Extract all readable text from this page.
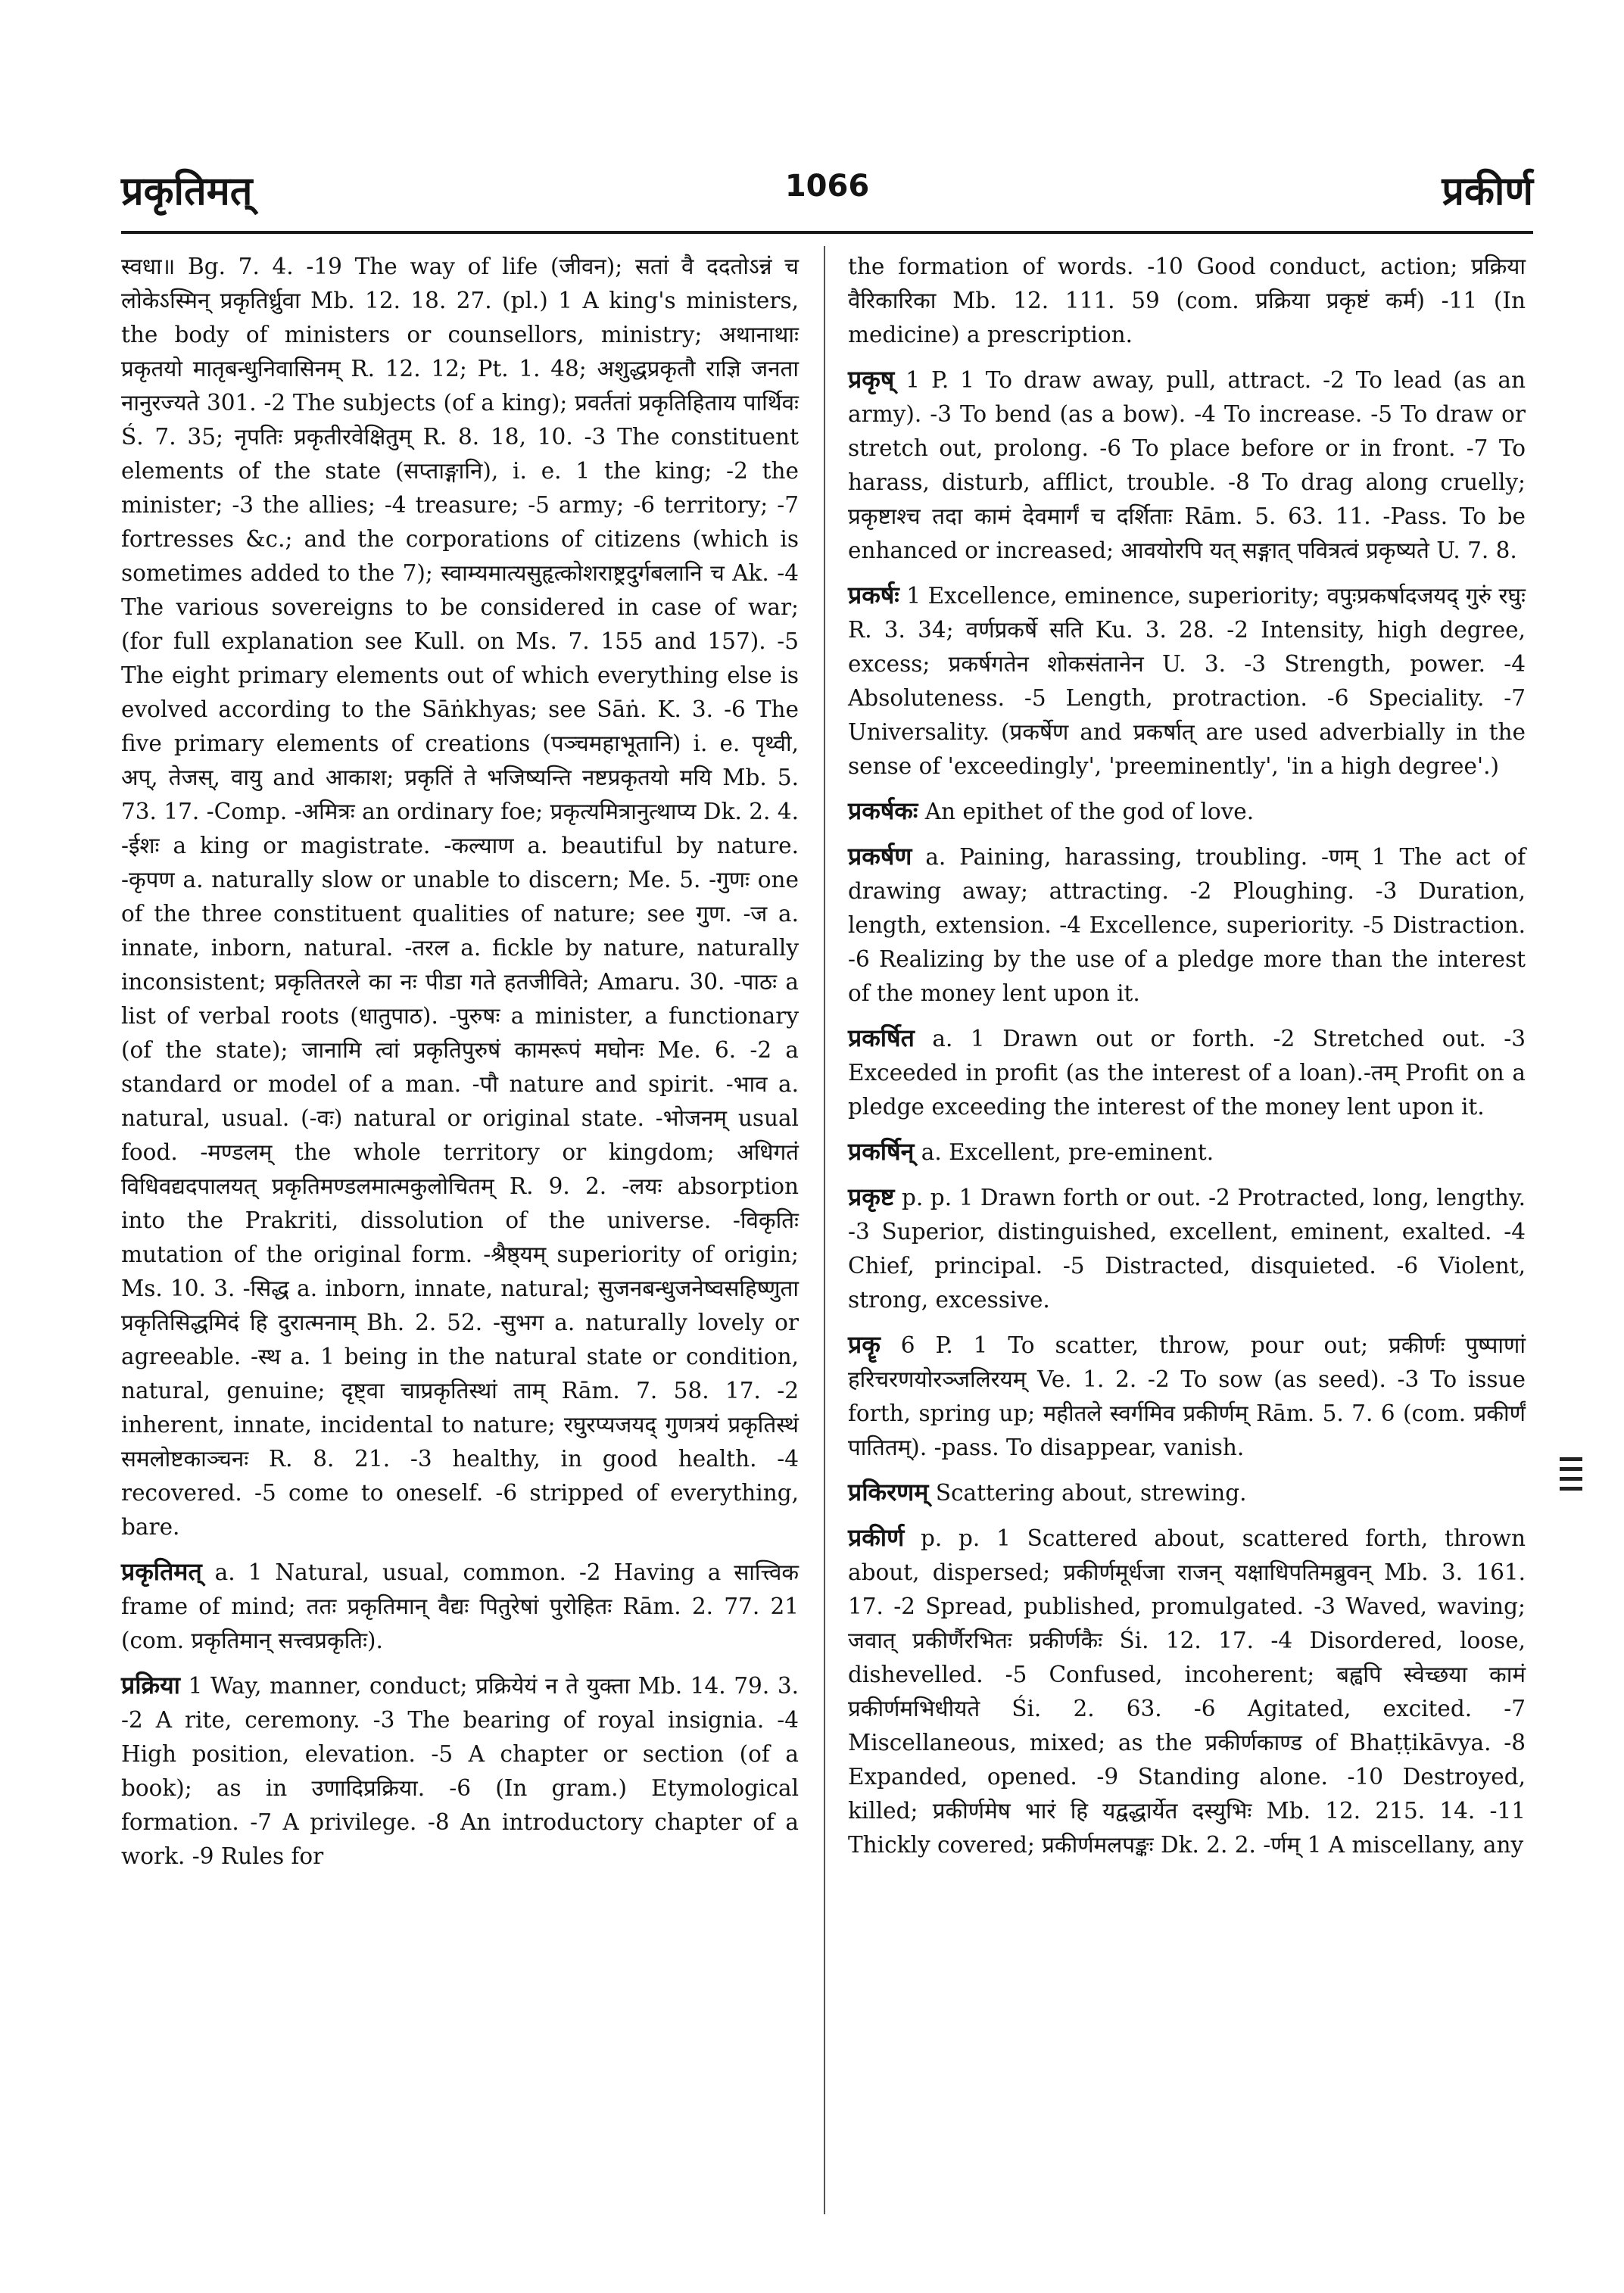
प्रकृतिमत्	1066	प्रकीर्ण
स्वधा॥ Bg. 7. 4. -19 The way of life (जीवन); सतां वै ददतोऽन्नं च लोकेऽस्मिन् प्रकृतिर्ध्रुवा Mb. 12. 18. 27. (pl.) 1 A king's ministers, the body of ministers or counsellors, ministry; अथानाथाः प्रकृतयो मातृबन्धुनिवासिनम् R. 12. 12; Pt. 1. 48; अशुद्धप्रकृतौ राज्ञि जनता नानुरज्यते 301. -2 The subjects (of a king); प्रवर्ततां प्रकृतिहिताय पार्थिवः Ś. 7. 35; नृपतिः प्रकृतीरवेक्षितुम् R. 8. 18, 10. -3 The constituent elements of the state (सप्ताङ्गानि), i. e. 1 the king; -2 the minister; -3 the allies; -4 treasure; -5 army; -6 territory; -7 fortresses &c.; and the corporations of citizens (which is sometimes added to the 7); स्वाम्यमात्यसुहृत्कोशराष्ट्रदुर्गबलानि च Ak. -4 The various sovereigns to be considered in case of war; (for full explanation see Kull. on Ms. 7. 155 and 157). -5 The eight primary elements out of which everything else is evolved according to the Sāṅkhyas; see Sāṅ. K. 3. -6 The five primary elements of creations (पञ्चमहाभूतानि) i. e. पृथ्वी, अप्, तेजस्, वायु and आकाश; प्रकृतिं ते भजिष्यन्ति नष्टप्रकृतयो मयि Mb. 5. 73. 17. -Comp. -अमित्रः an ordinary foe; प्रकृत्यमित्रानुत्थाप्य Dk. 2. 4. -ईशः a king or magistrate. -कल्याण a. beautiful by nature. -कृपण a. naturally slow or unable to discern; Me. 5. -गुणः one of the three constituent qualities of nature; see गुण. -ज a. innate, inborn, natural. -तरल a. fickle by nature, naturally inconsistent; प्रकृतितरले का नः पीडा गते हतजीविते; Amaru. 30. -पाठः a list of verbal roots (धातुपाठ). -पुरुषः a minister, a functionary (of the state); जानामि त्वां प्रकृतिपुरुषं कामरूपं मघोनः Me. 6. -2 a standard or model of a man. -पौ nature and spirit. -भाव a. natural, usual. (-वः) natural or original state. -भोजनम् usual food. -मण्डलम् the whole territory or kingdom; अधिगतं विधिवद्यदपालयत् प्रकृतिमण्डलमात्मकुलोचितम् R. 9. 2. -लयः absorption into the Prakriti, dissolution of the universe. -विकृतिः mutation of the original form. -श्रैष्ठ्यम् superiority of origin; Ms. 10. 3. -सिद्ध a. inborn, innate, natural; सुजनबन्धुजनेष्वसहिष्णुता प्रकृतिसिद्धमिदं हि दुरात्मनाम् Bh. 2. 52. -सुभग a. naturally lovely or agreeable. -स्थ a. 1 being in the natural state or condition, natural, genuine; दृष्ट्वा चाप्रकृतिस्थां ताम् Rām. 7. 58. 17. -2 inherent, innate, incidental to nature; रघुरप्यजयद् गुणत्रयं प्रकृतिस्थं समलोष्टकाञ्चनः R. 8. 21. -3 healthy, in good health. -4 recovered. -5 come to oneself. -6 stripped of everything, bare.
प्रकृतिमत् a. 1 Natural, usual, common. -2 Having a सात्त्विक frame of mind; ततः प्रकृतिमान् वैद्यः पितुरेषां पुरोहितः Rām. 2. 77. 21 (com. प्रकृतिमान् सत्त्वप्रकृतिः).
प्रक्रिया 1 Way, manner, conduct; प्रक्रियेयं न ते युक्ता Mb. 14. 79. 3. -2 A rite, ceremony. -3 The bearing of royal insignia. -4 High position, elevation. -5 A chapter or section (of a book); as in उणादिप्रक्रिया. -6 (In gram.) Etymological formation. -7 A privilege. -8 An introductory chapter of a work. -9 Rules for
the formation of words. -10 Good conduct, action; प्रक्रिया वैरिकारिका Mb. 12. 111. 59 (com. प्रक्रिया प्रकृष्टं कर्म) -11 (In medicine) a prescription.
प्रकृष् 1 P. 1 To draw away, pull, attract. -2 To lead (as an army). -3 To bend (as a bow). -4 To increase. -5 To draw or stretch out, prolong. -6 To place before or in front. -7 To harass, disturb, afflict, trouble. -8 To drag along cruelly; प्रकृष्टाश्च तदा कामं देवमार्गं च दर्शिताः Rām. 5. 63. 11. -Pass. To be enhanced or increased; आवयोरपि यत् सङ्गात् पवित्रत्वं प्रकृष्यते U. 7. 8.
प्रकर्षः 1 Excellence, eminence, superiority; वपुःप्रकर्षादजयद् गुरुं रघुः R. 3. 34; वर्णप्रकर्षे सति Ku. 3. 28. -2 Intensity, high degree, excess; प्रकर्षगतेन शोकसंतानेन U. 3. -3 Strength, power. -4 Absoluteness. -5 Length, protraction. -6 Speciality. -7 Universality. (प्रकर्षेण and प्रकर्षात् are used adverbially in the sense of 'exceedingly', 'preeminently', 'in a high degree'.)
प्रकर्षकः An epithet of the god of love.
प्रकर्षण a. Paining, harassing, troubling. -णम् 1 The act of drawing away; attracting. -2 Ploughing. -3 Duration, length, extension. -4 Excellence, superiority. -5 Distraction. -6 Realizing by the use of a pledge more than the interest of the money lent upon it.
प्रकर्षित a. 1 Drawn out or forth. -2 Stretched out. -3 Exceeded in profit (as the interest of a loan).-तम् Profit on a pledge exceeding the interest of the money lent upon it.
प्रकर्षिन् a. Excellent, pre-eminent.
प्रकृष्ट p. p. 1 Drawn forth or out. -2 Protracted, long, lengthy. -3 Superior, distinguished, excellent, eminent, exalted. -4 Chief, principal. -5 Distracted, disquieted. -6 Violent, strong, excessive.
प्रकॄ 6 P. 1 To scatter, throw, pour out; प्रकीर्णः पुष्पाणां हरिचरणयोरञ्जलिरयम् Ve. 1. 2. -2 To sow (as seed). -3 To issue forth, spring up; महीतले स्वर्गमिव प्रकीर्णम् Rām. 5. 7. 6 (com. प्रकीर्णं पातितम्). -pass. To disappear, vanish.
प्रकिरणम् Scattering about, strewing.
प्रकीर्ण p. p. 1 Scattered about, scattered forth, thrown about, dispersed; प्रकीर्णमूर्धजा राजन् यक्षाधिपतिमब्रुवन् Mb. 3. 161. 17. -2 Spread, published, promulgated. -3 Waved, waving; जवात् प्रकीर्णैरभितः प्रकीर्णकैः Śi. 12. 17. -4 Disordered, loose, dishevelled. -5 Confused, incoherent; बह्वपि स्वेच्छया कामं प्रकीर्णमभिधीयते Śi. 2. 63. -6 Agitated, excited. -7 Miscellaneous, mixed; as the प्रकीर्णकाण्ड of Bhaṭṭikāvya. -8 Expanded, opened. -9 Standing alone. -10 Destroyed, killed; प्रकीर्णमेष भारं हि यद्वद्धार्येत दस्युभिः Mb. 12. 215. 14. -11 Thickly covered; प्रकीर्णमलपङ्कः Dk. 2. 2. -र्णम् 1 A miscellany, any
